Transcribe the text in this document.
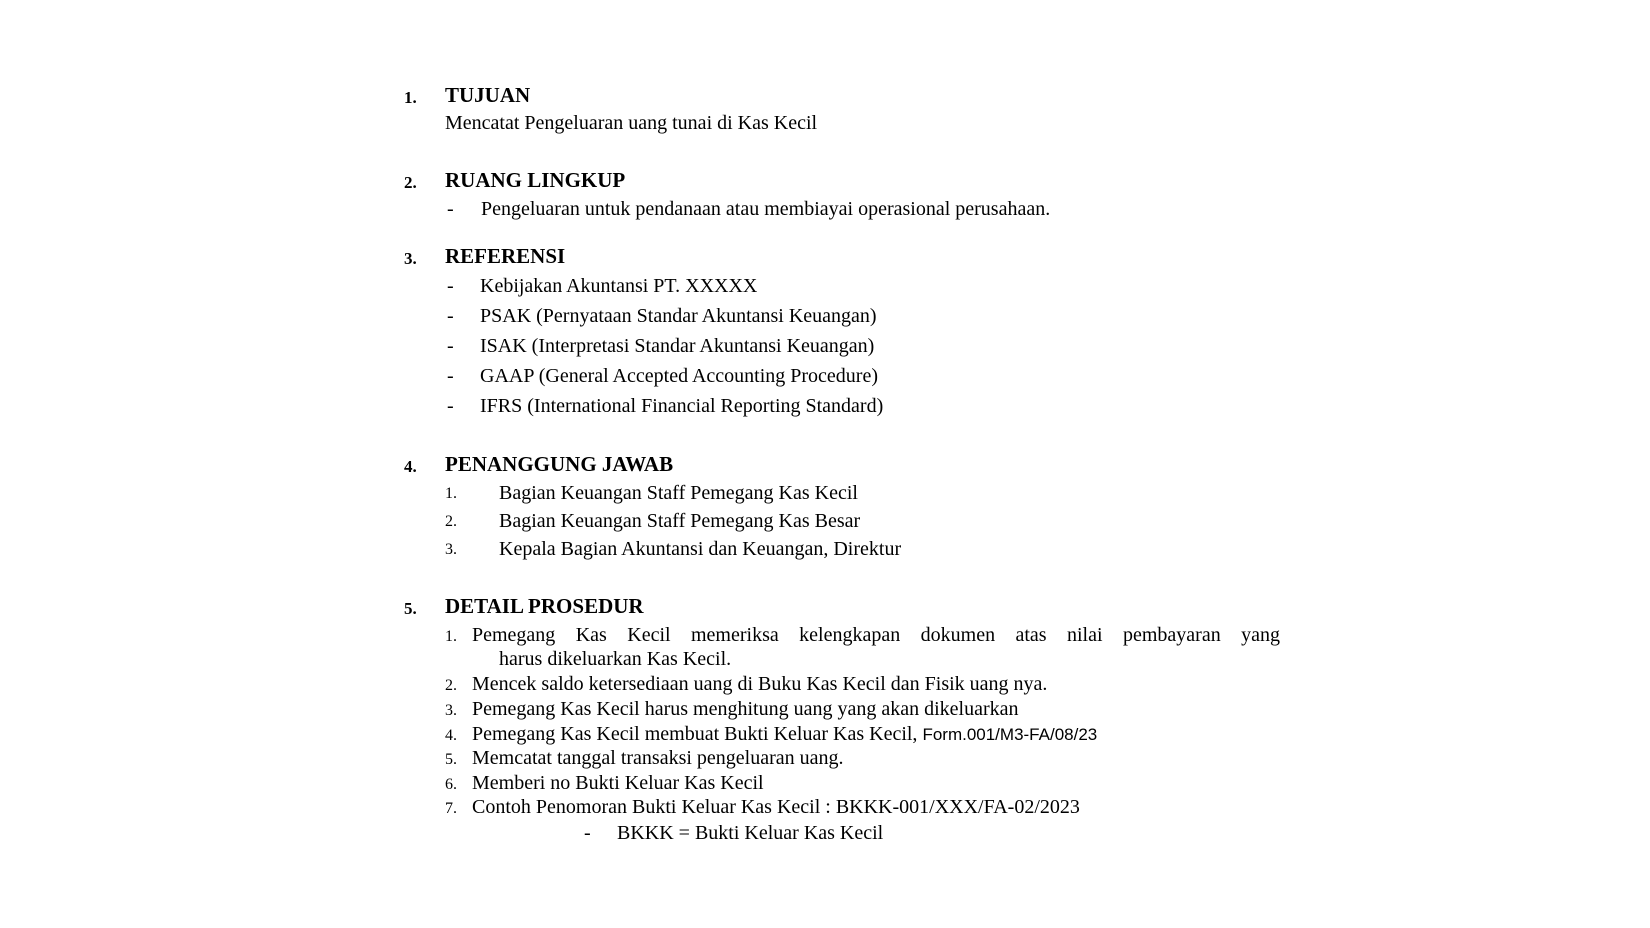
1. TUJUAN
Mencatat Pengeluaran uang tunai di Kas Kecil
2. RUANG LINGKUP
- Pengeluaran untuk pendanaan atau membiayai operasional perusahaan.
3. REFERENSI
- Kebijakan Akuntansi PT. XXXXX
- PSAK (Pernyataan Standar Akuntansi Keuangan)
- ISAK (Interpretasi Standar Akuntansi Keuangan)
- GAAP (General Accepted Accounting Procedure)
- IFRS (International Financial Reporting Standard)
4. PENANGGUNG JAWAB
1. Bagian Keuangan Staff Pemegang Kas Kecil
2. Bagian Keuangan Staff Pemegang Kas Besar
3. Kepala Bagian Akuntansi dan Keuangan, Direktur
5. DETAIL PROSEDUR
1. Pemegang Kas Kecil memeriksa kelengkapan dokumen atas nilai pembayaran yang
harus dikeluarkan Kas Kecil.
2. Mencek saldo ketersediaan uang di Buku Kas Kecil dan Fisik uang nya.
3. Pemegang Kas Kecil harus menghitung uang yang akan dikeluarkan
4. Pemegang Kas Kecil membuat Bukti Keluar Kas Kecil, Form.001/M3-FA/08/23
5. Memcatat tanggal transaksi pengeluaran uang.
6. Memberi no Bukti Keluar Kas Kecil
7. Contoh Penomoran Bukti Keluar Kas Kecil : BKKK-001/XXX/FA-02/2023
- BKKK = Bukti Keluar Kas Kecil
